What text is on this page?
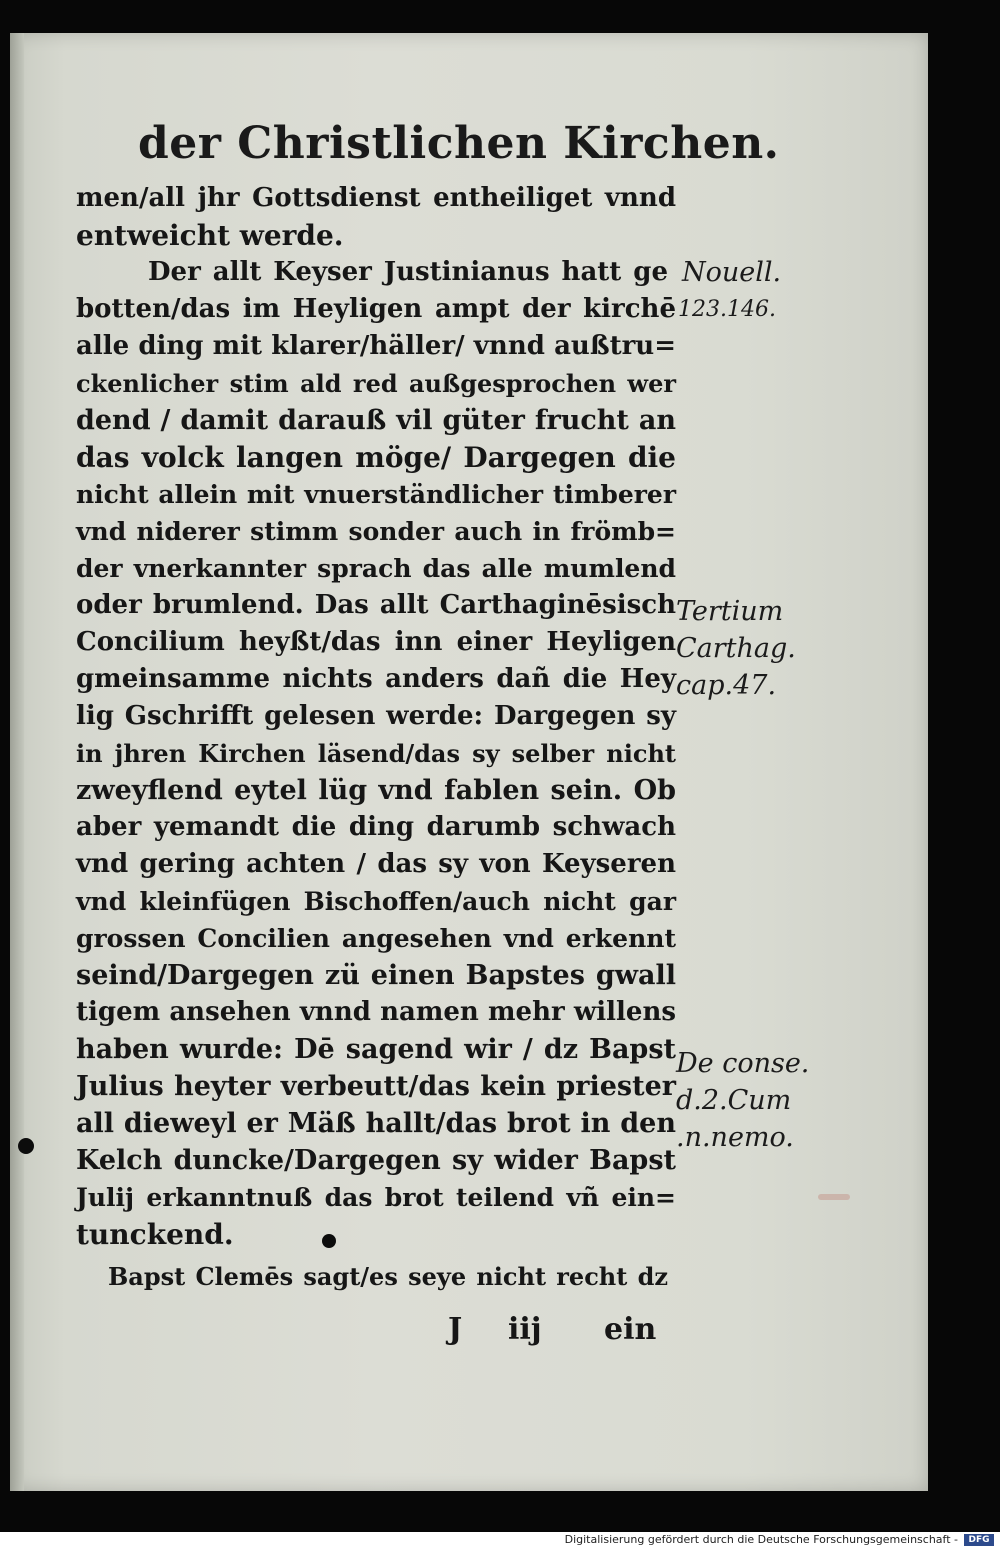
der Christlichen Kirchen.
men/all jhr Gottsdienst entheiliget vnnd
entweicht werde.
Der allt Keyser Justinianus hatt ge
botten/das im Heyligen ampt der kirchē
alle ding mit klarer/häller/ vnnd außtru=
ckenlicher stim ald red außgesprochen wer
dend / damit darauß vil güter frucht an
das volck langen möge/ Dargegen die
nicht allein mit vnuerständlicher timberer
vnd niderer stimm sonder auch in frömb=
der vnerkannter sprach das alle mumlend
oder brumlend. Das allt Carthaginēsisch
Concilium heyßt/das inn einer Heyligen
gmeinsamme nichts anders dañ die Hey
lig Gschrifft gelesen werde: Dargegen sy
in jhren Kirchen läsend/das sy selber nicht
zweyflend eytel lüg vnd fablen sein. Ob
aber yemandt die ding darumb schwach
vnd gering achten / das sy von Keyseren
vnd kleinfügen Bischoffen/auch nicht gar
grossen Concilien angesehen vnd erkennt
seind/Dargegen zü einen Bapstes gwall
tigem ansehen vnnd namen mehr willens
haben wurde: Dē sagend wir / dz Bapst
Julius heyter verbeutt/das kein priester
all dieweyl er Mäß hallt/das brot in den
Kelch duncke/Dargegen sy wider Bapst
Julij erkanntnuß das brot teilend vñ ein=
tunckend.
Bapst Clemēs sagt/es seye nicht recht dz
Nouell.
123.146.
Tertium
Carthag.
cap.47.
De conse.
d.2.Cum
.n.nemo.
J iij ein
Digitalisierung gefördert durch die Deutsche Forschungsgemeinschaft -	DFG
